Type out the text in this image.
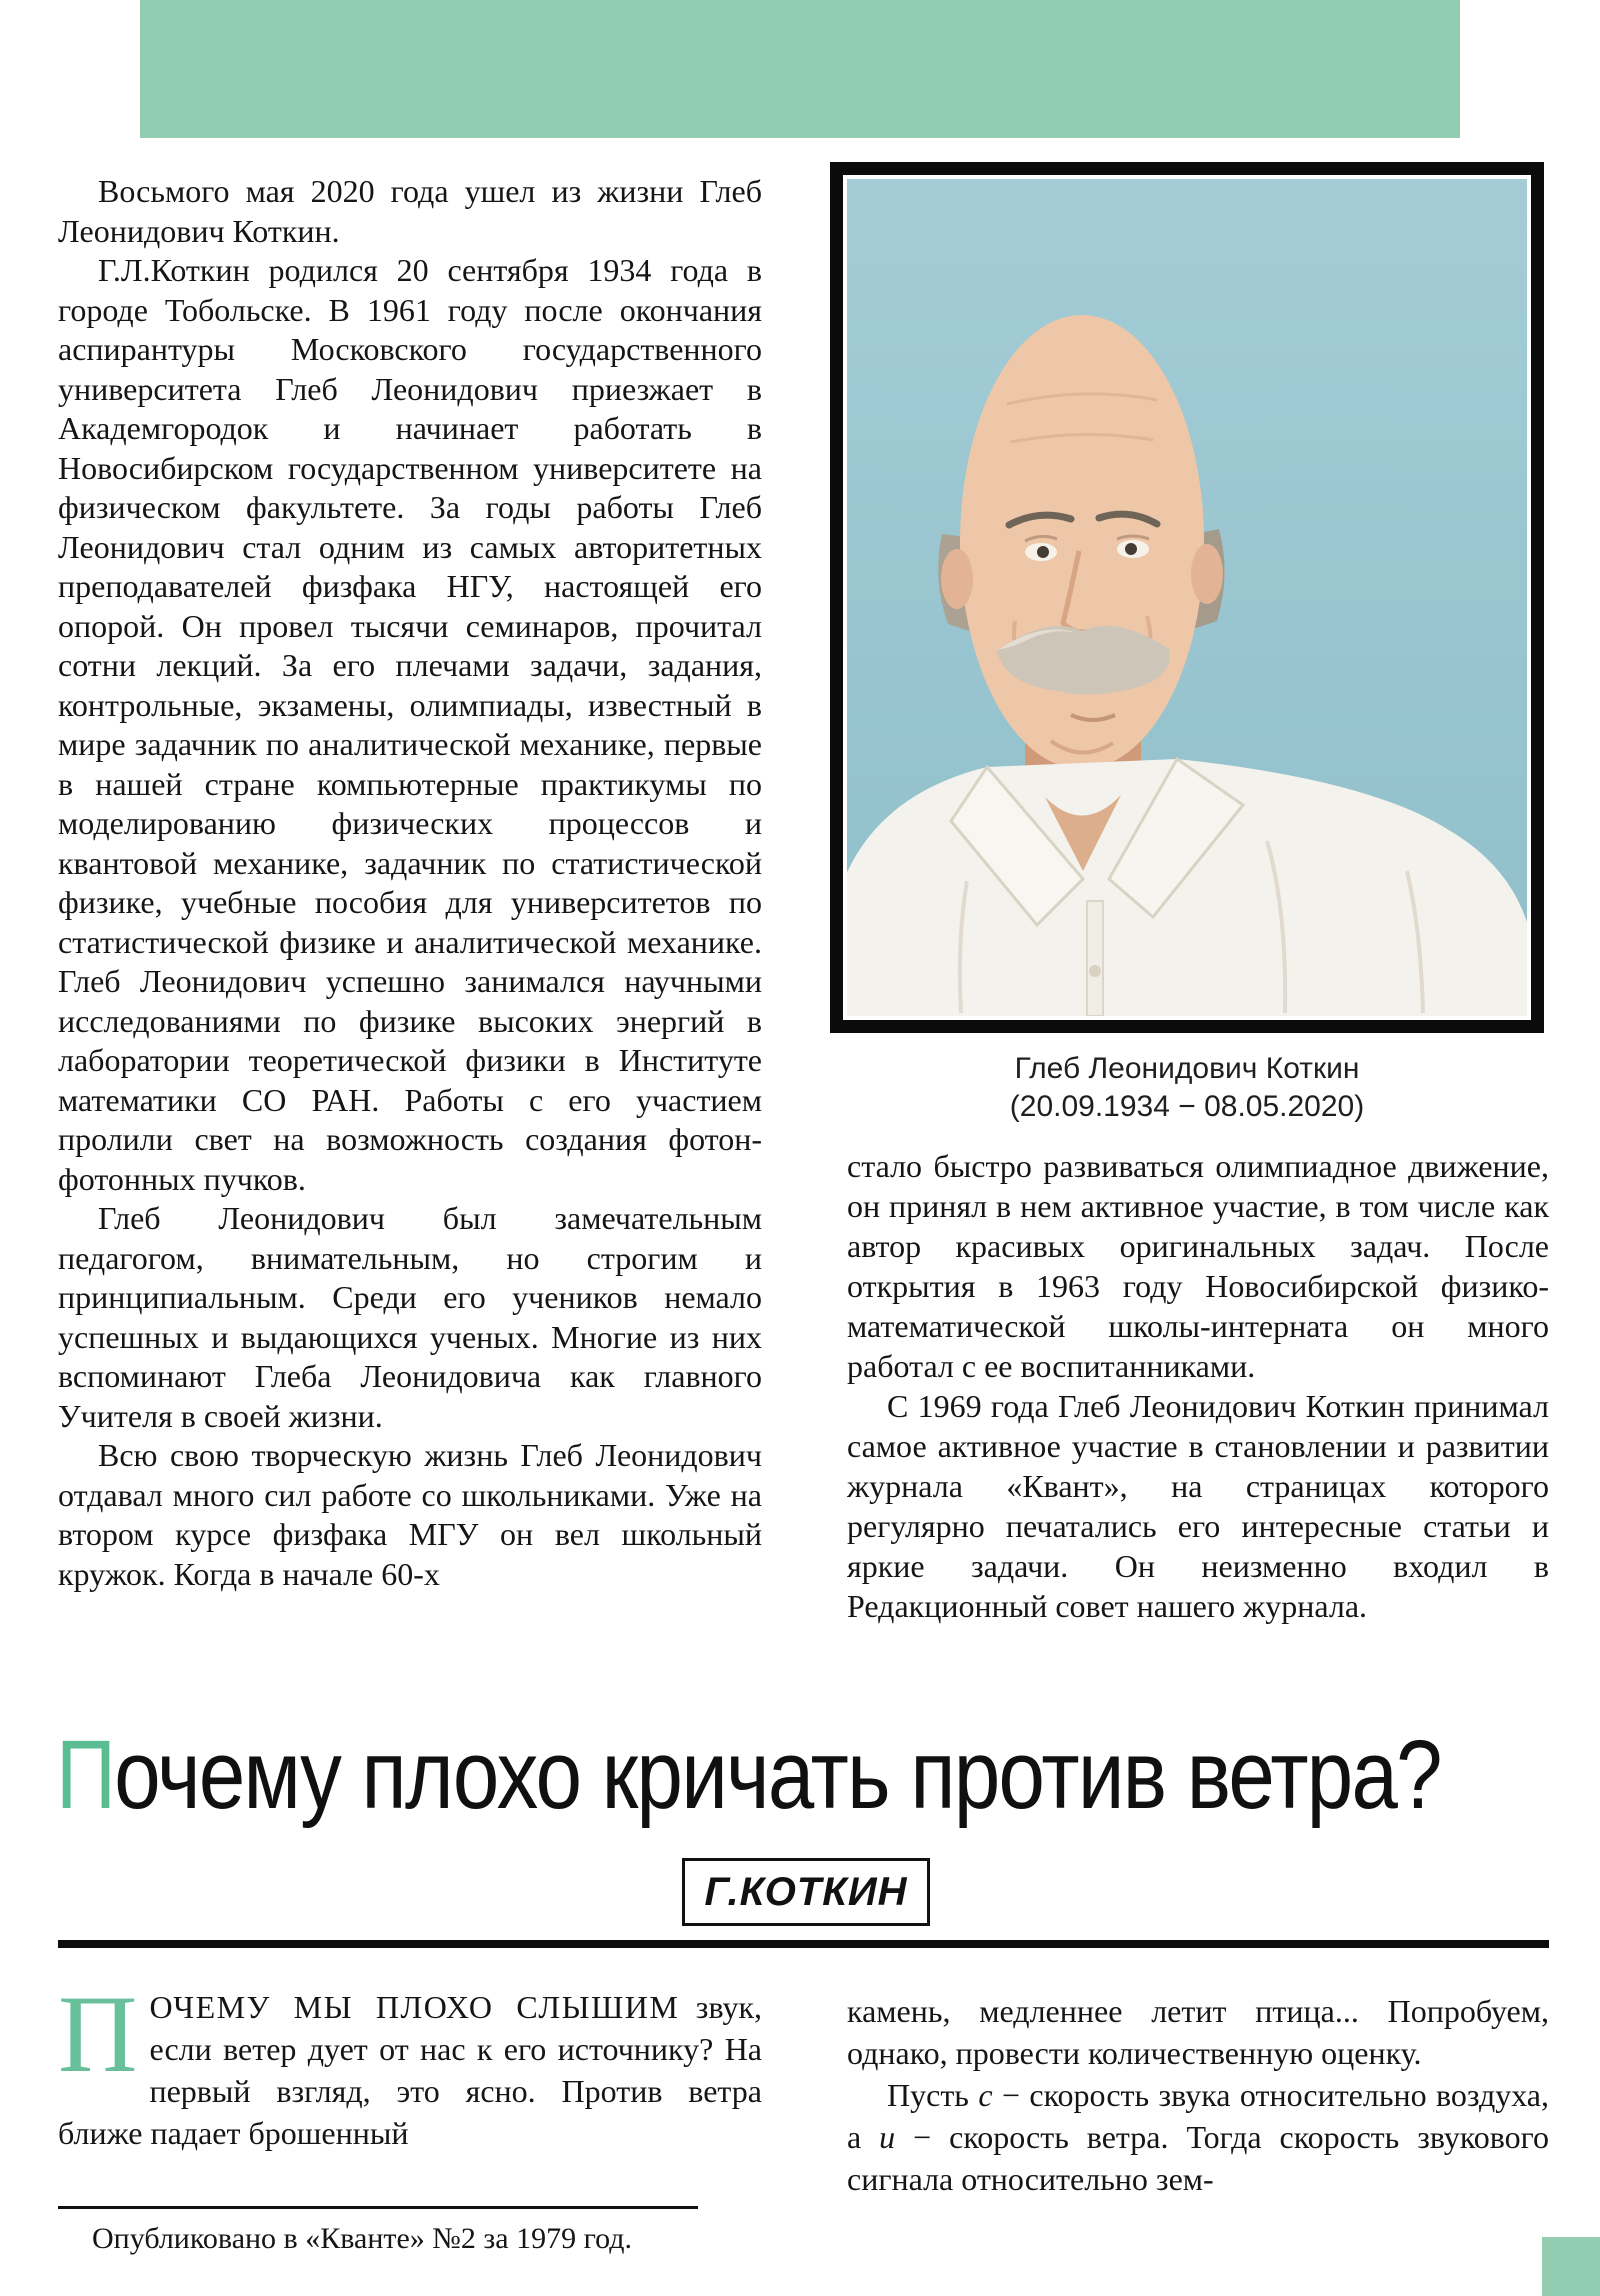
Восьмого мая 2020 года ушел из жизни Глеб Леонидович Коткин.

Г.Л.Коткин родился 20 сентября 1934 года в городе Тобольске. В 1961 году после окончания аспирантуры Московского государственного университета Глеб Леонидович приезжает в Академгородок и начинает работать в Новосибирском государственном университете на физическом факультете. За годы работы Глеб Леонидович стал одним из самых авторитетных преподавателей физфака НГУ, настоящей его опорой. Он провел тысячи семинаров, прочитал сотни лекций. За его плечами задачи, задания, контрольные, экзамены, олимпиады, известный в мире задачник по аналитической механике, первые в нашей стране компьютерные практикумы по моделированию физических процессов и квантовой механике, задачник по статистической физике, учебные пособия для университетов по статистической физике и аналитической механике. Глеб Леонидович успешно занимался научными исследованиями по физике высоких энергий в лаборатории теоретической физики в Институте математики СО РАН. Работы с его участием пролили свет на возможность создания фотон-фотонных пучков.

Глеб Леонидович был замечательным педагогом, внимательным, но строгим и принципиальным. Среди его учеников немало успешных и выдающихся ученых. Многие из них вспоминают Глеба Леонидовича как главного Учителя в своей жизни.

Всю свою творческую жизнь Глеб Леонидович отдавал много сил работе со школьниками. Уже на втором курсе физфака МГУ он вел школьный кружок. Когда в начале 60-х

Глеб Леонидович Коткин
(20.09.1934 − 08.05.2020)

стало быстро развиваться олимпиадное движение, он принял в нем активное участие, в том числе как автор красивых оригинальных задач. После открытия в 1963 году Новосибирской физико-математической школы-интерната он много работал с ее воспитанниками.

С 1969 года Глеб Леонидович Коткин принимал самое активное участие в становлении и развитии журнала «Квант», на страницах которого регулярно печатались его интересные статьи и яркие задачи. Он неизменно входил в Редакционный совет нашего журнала.

Почему плохо кричать против ветра?
Г.КОТКИН

ПОЧЕМУ МЫ ПЛОХО СЛЫШИМ звук, если ветер дует от нас к его источнику? На первый взгляд, это ясно. Против ветра ближе падает брошенный

камень, медленнее летит птица... Попробуем, однако, провести количественную оценку.

Пусть c − скорость звука относительно воздуха, а u − скорость ветра. Тогда скорость звукового сигнала относительно зем-

Опубликовано в «Кванте» №2 за 1979 год.
